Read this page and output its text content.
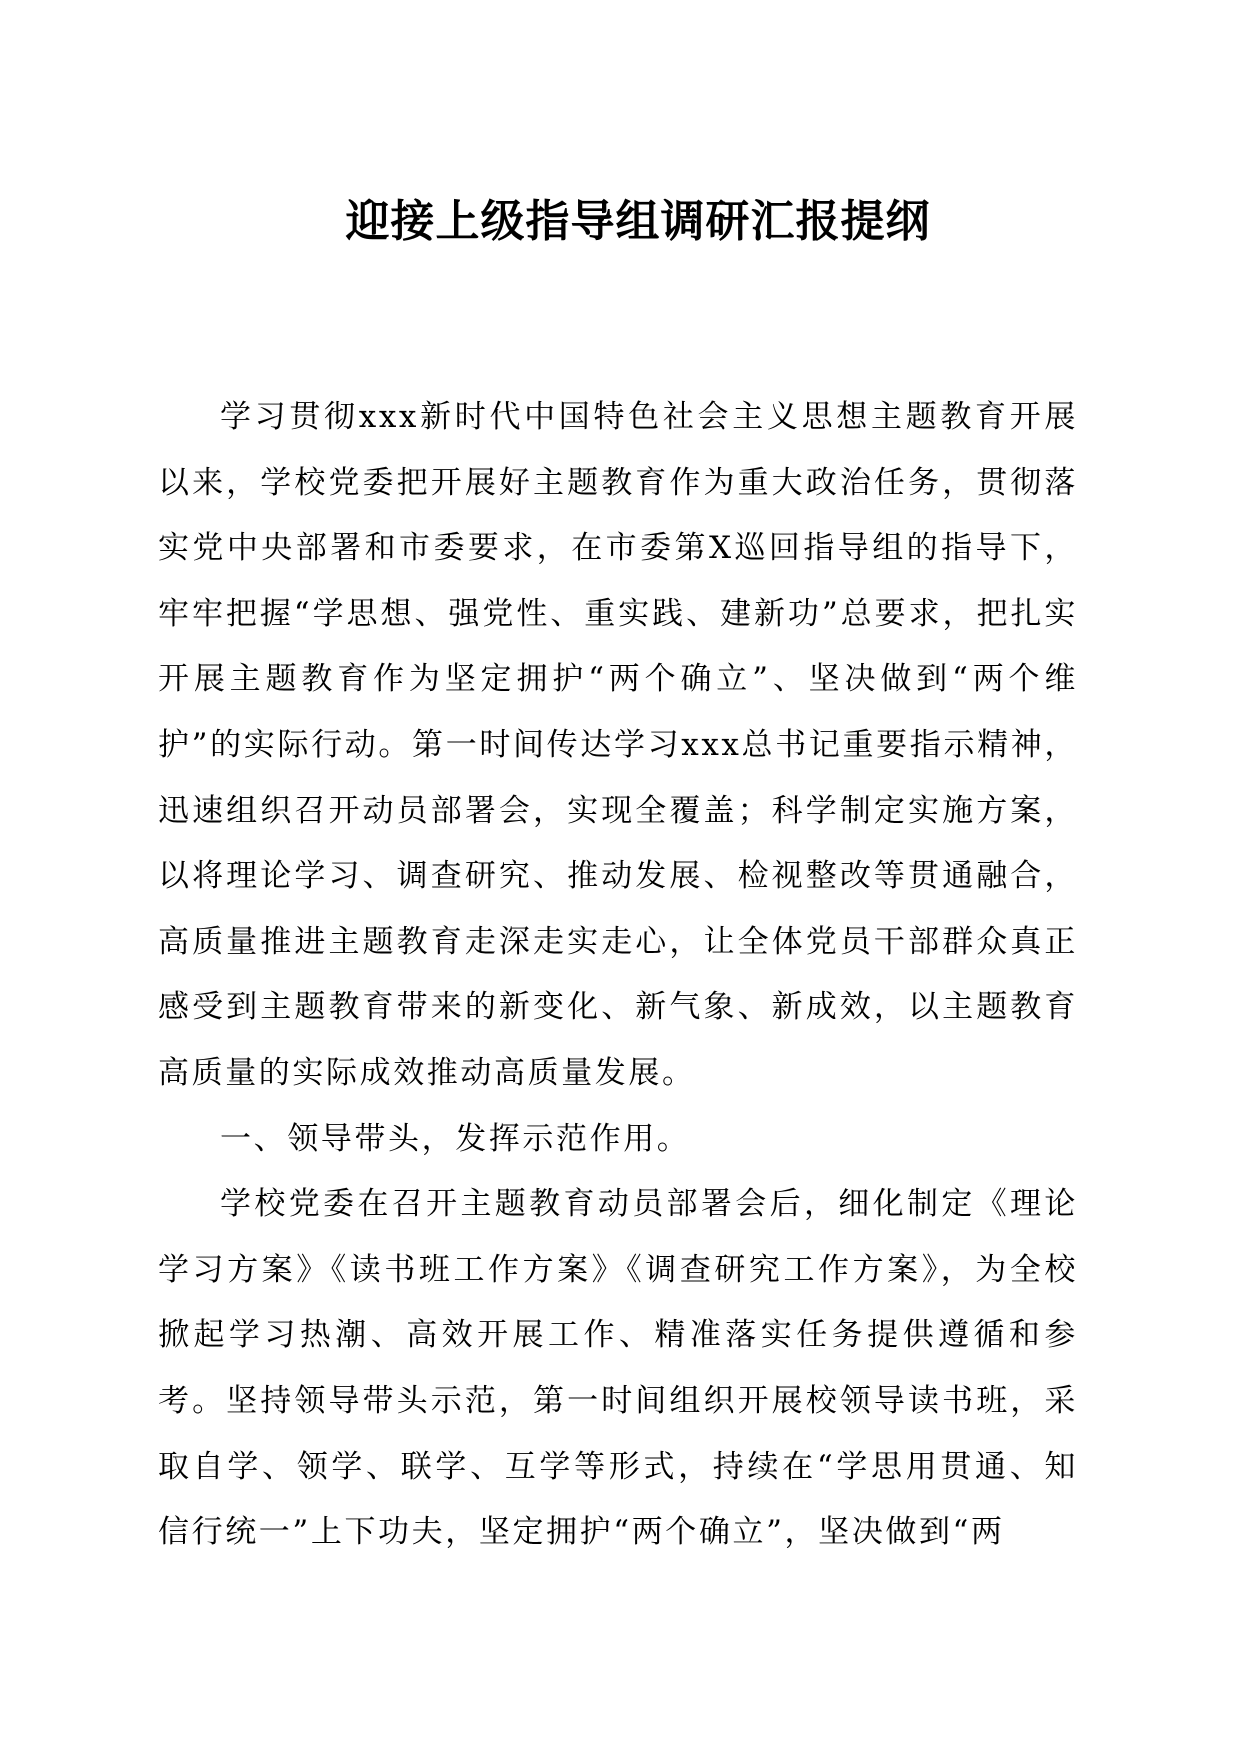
迎接上级指导组调研汇报提纲

学习贯彻xxx新时代中国特色社会主义思想主题教育开展以来，学校党委把开展好主题教育作为重大政治任务，贯彻落实党中央部署和市委要求，在市委第X巡回指导组的指导下，牢牢把握“学思想、强党性、重实践、建新功”总要求，把扎实开展主题教育作为坚定拥护“两个确立”、坚决做到“两个维护”的实际行动。第一时间传达学习xxx总书记重要指示精神，迅速组织召开动员部署会，实现全覆盖；科学制定实施方案，以将理论学习、调查研究、推动发展、检视整改等贯通融合，高质量推进主题教育走深走实走心，让全体党员干部群众真正感受到主题教育带来的新变化、新气象、新成效，以主题教育高质量的实际成效推动高质量发展。

一、领导带头，发挥示范作用。

学校党委在召开主题教育动员部署会后，细化制定《理论学习方案》《读书班工作方案》《调查研究工作方案》，为全校掀起学习热潮、高效开展工作、精准落实任务提供遵循和参考。坚持领导带头示范，第一时间组织开展校领导读书班，采取自学、领学、联学、互学等形式，持续在“学思用贯通、知信行统一”上下功夫，坚定拥护“两个确立”，坚决做到“两
